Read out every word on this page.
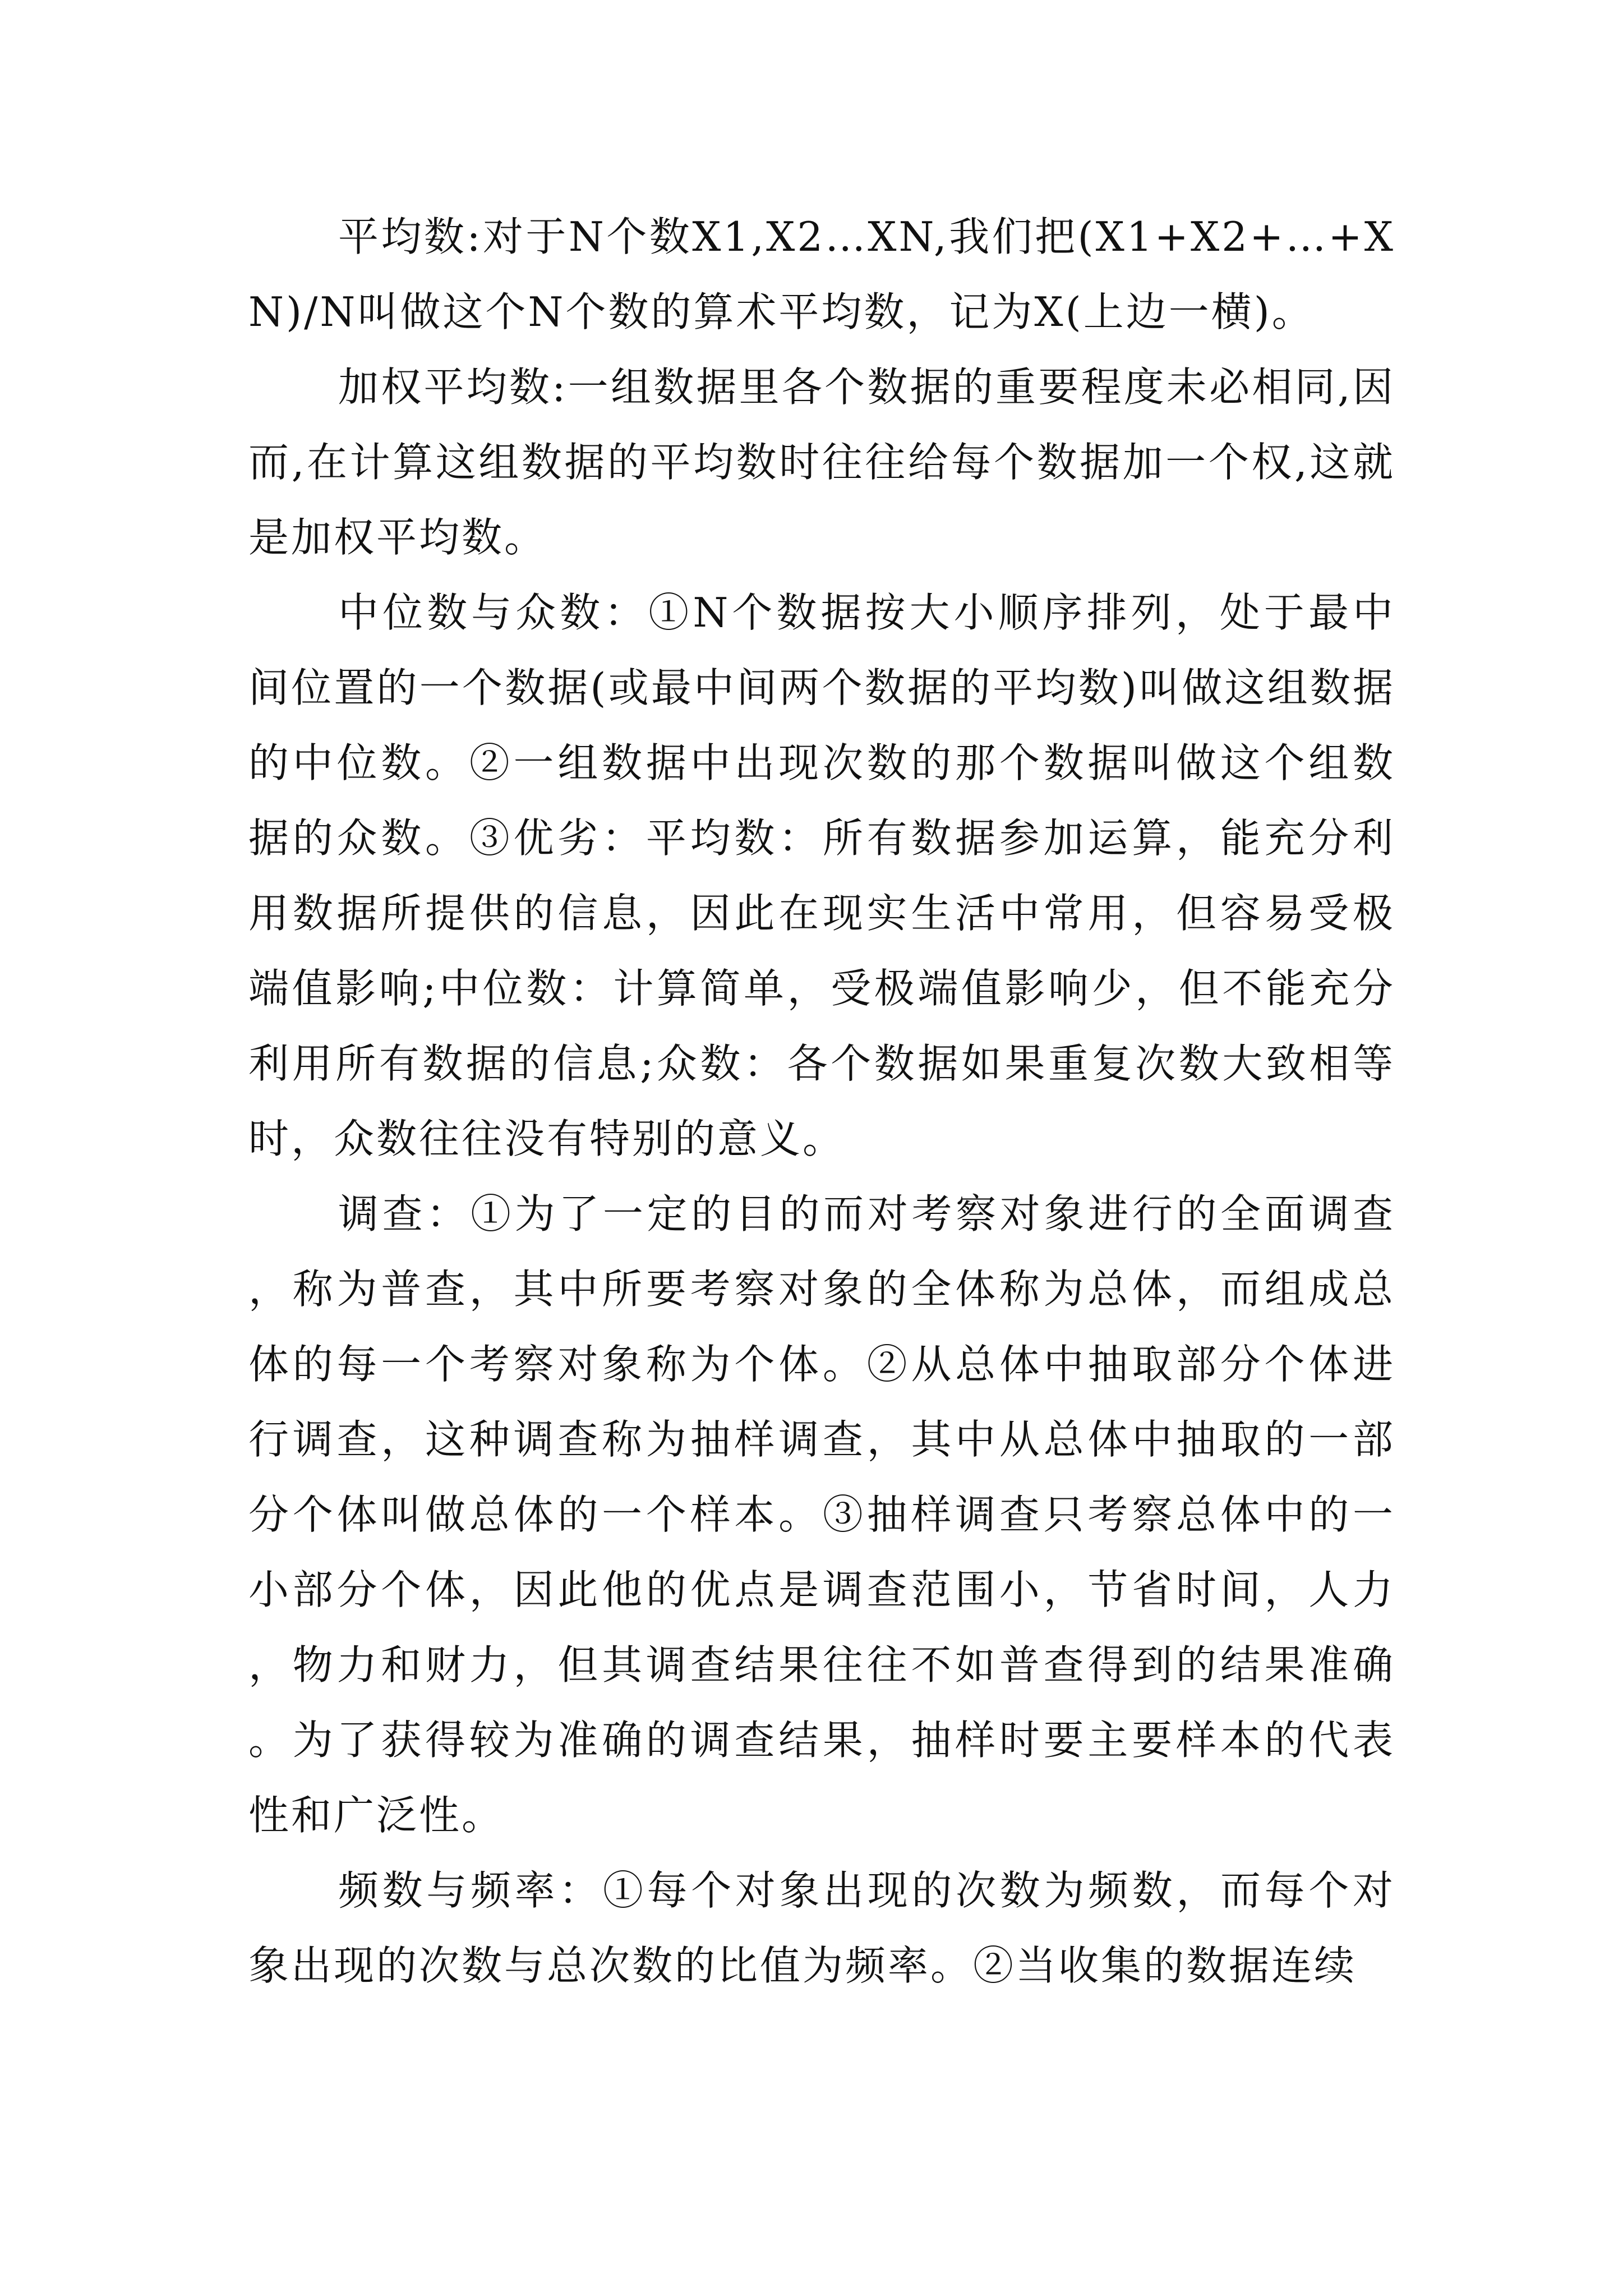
平均数:对于N个数X1,X2…XN,我们把(X1+X2+…+XN)/N叫做这个N个数的算术平均数，记为X(上边一横)。

加权平均数:一组数据里各个数据的重要程度未必相同,因而,在计算这组数据的平均数时往往给每个数据加一个权,这就是加权平均数。

中位数与众数：①N个数据按大小顺序排列，处于最中间位置的一个数据(或最中间两个数据的平均数)叫做这组数据的中位数。②一组数据中出现次数的那个数据叫做这个组数据的众数。③优劣：平均数：所有数据参加运算，能充分利用数据所提供的信息，因此在现实生活中常用，但容易受极端值影响;中位数：计算简单，受极端值影响少，但不能充分利用所有数据的信息;众数：各个数据如果重复次数大致相等时，众数往往没有特别的意义。

调查：①为了一定的目的而对考察对象进行的全面调查，称为普查，其中所要考察对象的全体称为总体，而组成总体的每一个考察对象称为个体。②从总体中抽取部分个体进行调查，这种调查称为抽样调查，其中从总体中抽取的一部分个体叫做总体的一个样本。③抽样调查只考察总体中的一小部分个体，因此他的优点是调查范围小，节省时间，人力，物力和财力，但其调查结果往往不如普查得到的结果准确。为了获得较为准确的调查结果，抽样时要主要样本的代表性和广泛性。

频数与频率：①每个对象出现的次数为频数，而每个对象出现的次数与总次数的比值为频率。②当收集的数据连续
